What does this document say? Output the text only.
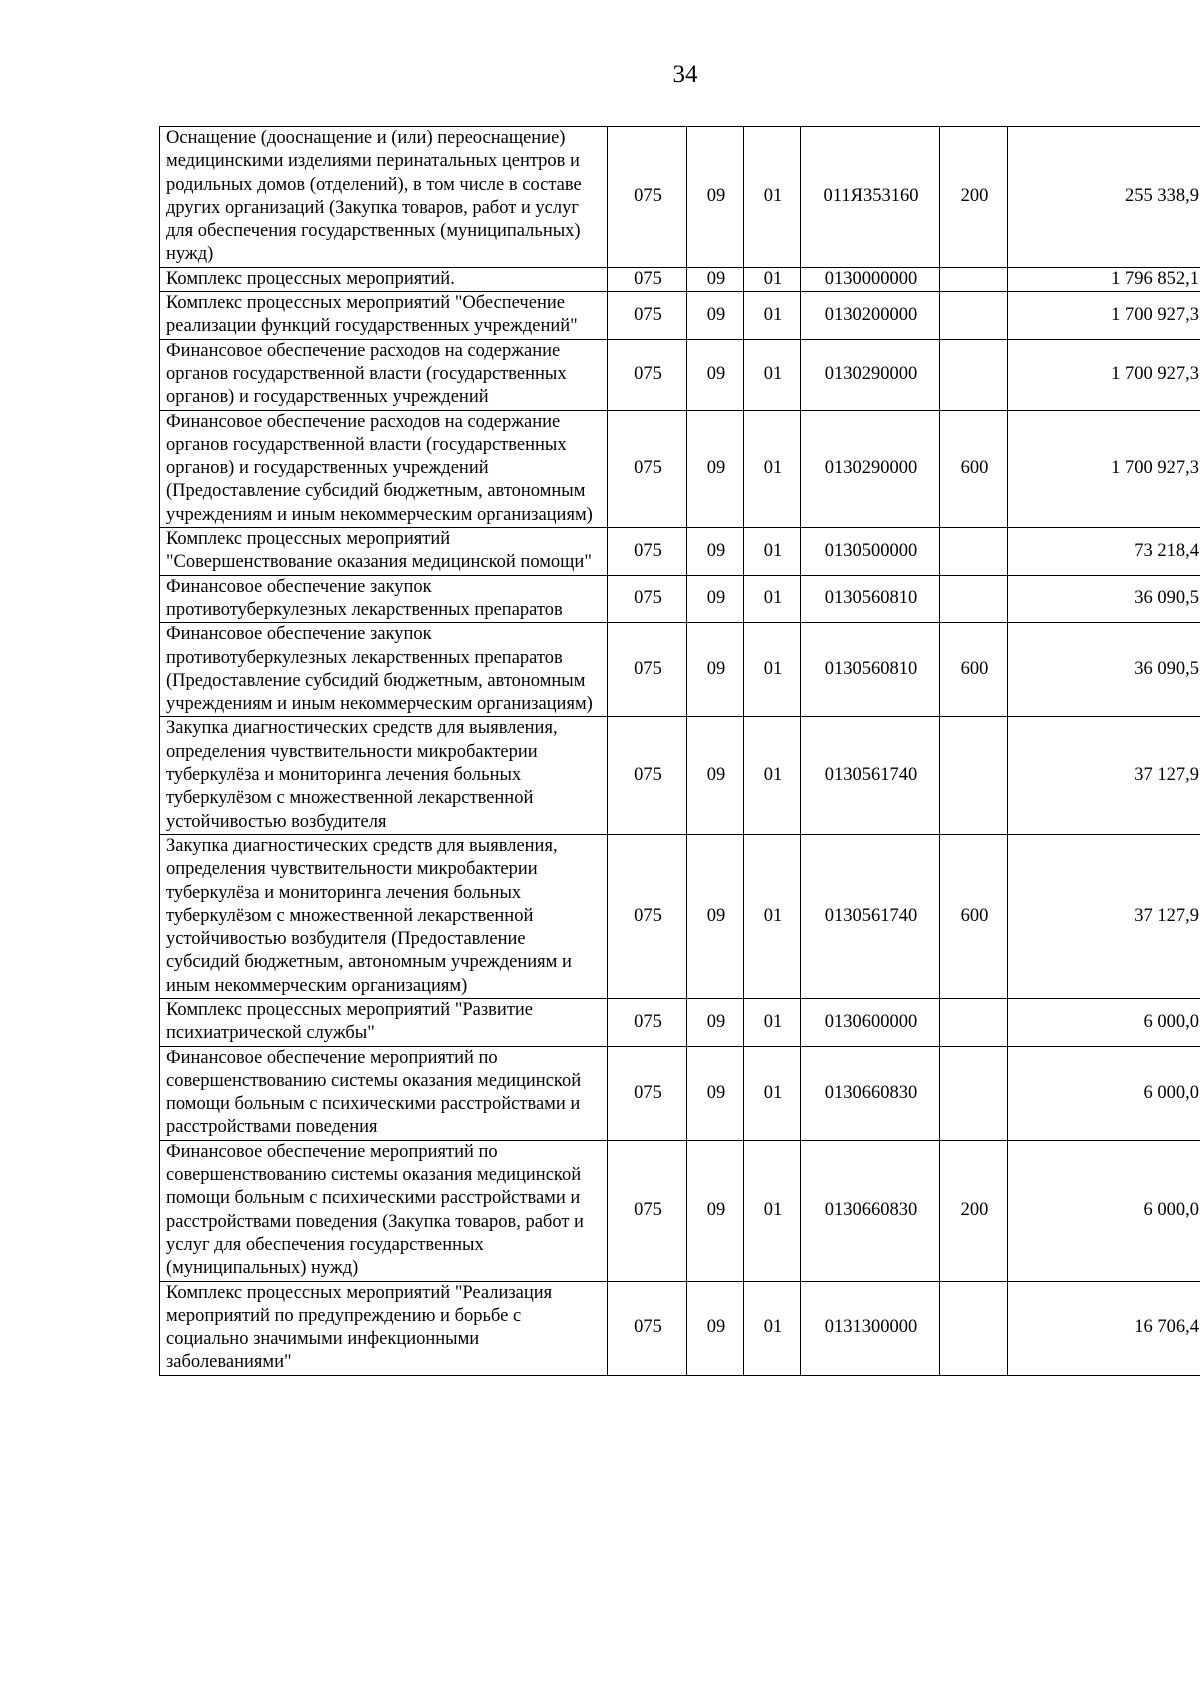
34
Оснащение (дооснащение и (или) переоснащение) медицинскими изделиями перинатальных центров и родильных домов (отделений), в том числе в составе других организаций (Закупка товаров, работ и услуг для обеспечения государственных (муниципальных) нужд)	075	09	01	011Я353160	200	255 338,9
Комплекс процессных мероприятий.	075	09	01	0130000000		1 796 852,1
Комплекс процессных мероприятий "Обеспечение реализации функций государственных учреждений"	075	09	01	0130200000		1 700 927,3
Финансовое обеспечение расходов на содержание органов государственной власти (государственных органов) и государственных учреждений	075	09	01	0130290000		1 700 927,3
Финансовое обеспечение расходов на содержание органов государственной власти (государственных органов) и государственных учреждений (Предоставление субсидий бюджетным, автономным учреждениям и иным некоммерческим организациям)	075	09	01	0130290000	600	1 700 927,3
Комплекс процессных мероприятий "Совершенствование оказания медицинской помощи"	075	09	01	0130500000		73 218,4
Финансовое обеспечение закупок противотуберкулезных лекарственных препаратов	075	09	01	0130560810		36 090,5
Финансовое обеспечение закупок противотуберкулезных лекарственных препаратов (Предоставление субсидий бюджетным, автономным учреждениям и иным некоммерческим организациям)	075	09	01	0130560810	600	36 090,5
Закупка диагностических средств для выявления, определения чувствительности микробактерии туберкулёза и мониторинга лечения больных туберкулёзом с множественной лекарственной устойчивостью возбудителя	075	09	01	0130561740		37 127,9
Закупка диагностических средств для выявления, определения чувствительности микробактерии туберкулёза и мониторинга лечения больных туберкулёзом с множественной лекарственной устойчивостью возбудителя (Предоставление субсидий бюджетным, автономным учреждениям и иным некоммерческим организациям)	075	09	01	0130561740	600	37 127,9
Комплекс процессных мероприятий "Развитие психиатрической службы"	075	09	01	0130600000		6 000,0
Финансовое обеспечение мероприятий по совершенствованию системы оказания медицинской помощи больным с психическими расстройствами и расстройствами поведения	075	09	01	0130660830		6 000,0
Финансовое обеспечение мероприятий по совершенствованию системы оказания медицинской помощи больным с психическими расстройствами и расстройствами поведения (Закупка товаров, работ и услуг для обеспечения государственных (муниципальных) нужд)	075	09	01	0130660830	200	6 000,0
Комплекс процессных мероприятий "Реализация мероприятий по предупреждению и борьбе с социально значимыми инфекционными заболеваниями"	075	09	01	0131300000		16 706,4
